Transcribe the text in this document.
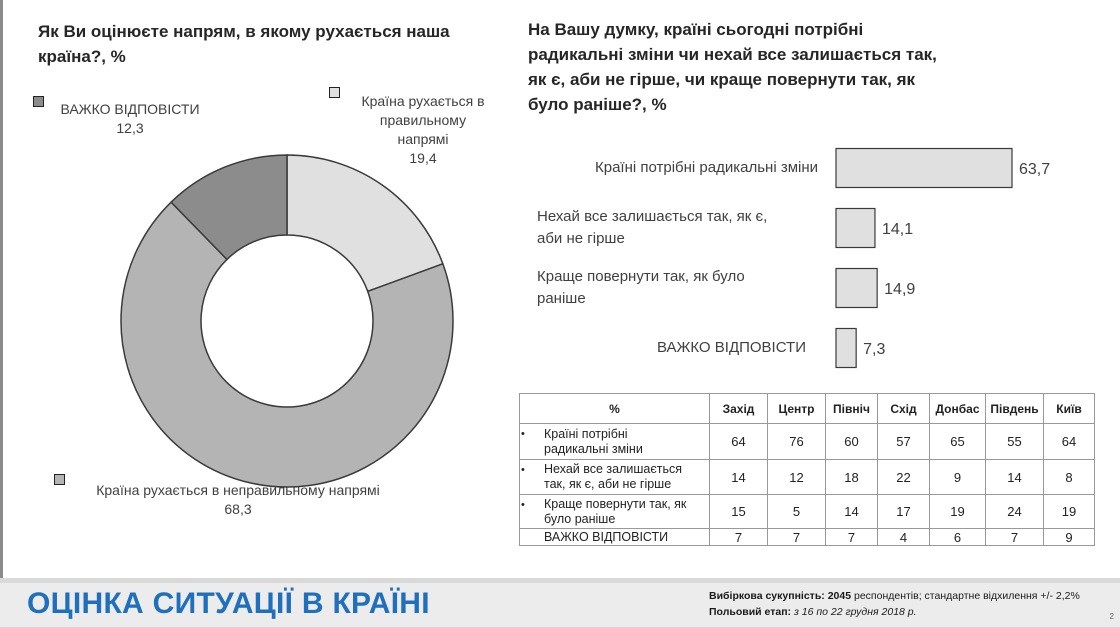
Як Ви оцінюєте напрям, в якому рухається наша
країна?, %
ВАЖКО ВІДПОВІСТИ
12,3
Країна рухається в
правильному
напрямі
19,4
Країна рухається в неправильному напрямі
68,3
На Вашу думку, країні сьогодні потрібні
радикальні зміни чи нехай все залишається так,
як є, аби не гірше, чи краще повернути так, як
було раніше?, %
63,7
14,1
14,9
7,3
Країні потрібні радикальні зміни
Нехай все залишається так, як є,
аби не гірше
Краще повернути так, як було
раніше
ВАЖКО ВІДПОВІСТИ
%	Захід	Центр	Північ	Схід	Донбас	Південь	Київ

• Країні потрібні
радикальні зміни	64	76	60	57	65	55	64

• Нехай все залишається
так, як є, аби не гірше	14	12	18	22	9	14	8

• Краще повернути так, як
було раніше	15	5	14	17	19	24	19
ВАЖКО ВІДПОВІСТИ	7	7	7	4	6	7	9
ОЦІНКА СИТУАЦІЇ В КРАЇНІ	Вибіркова сукупність: 2045 респондентів; стандартне відхилення +/- 2,2%
Польовий етап: з 16 по 22 грудня 2018 р.	2
